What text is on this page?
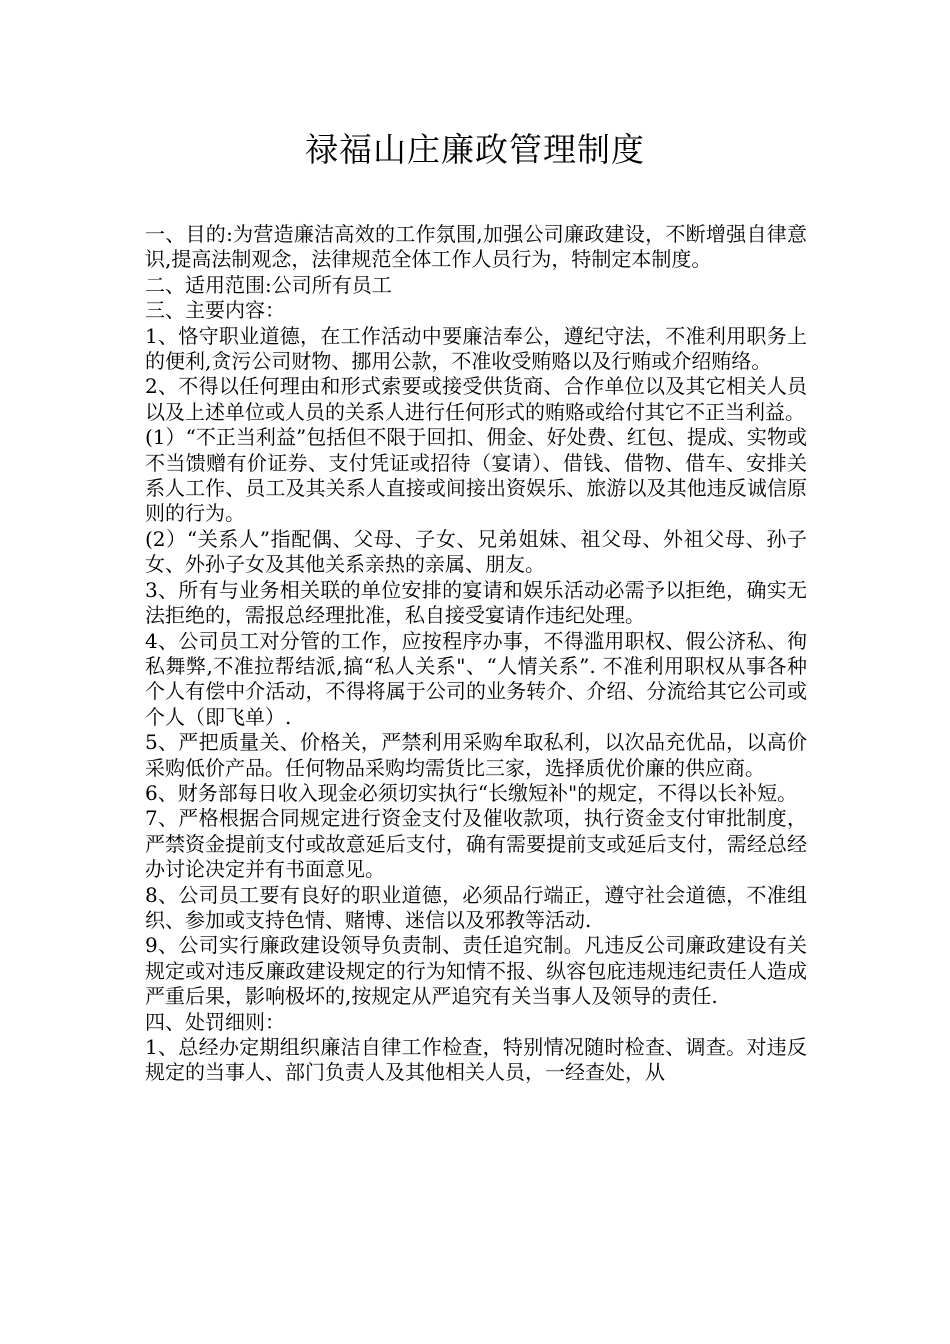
禄福山庄廉政管理制度

一、目的:为营造廉洁高效的工作氛围,加强公司廉政建设，不断增强自律意识,提高法制观念，法律规范全体工作人员行为，特制定本制度。

二、适用范围:公司所有员工

三、主要内容：

1、恪守职业道德，在工作活动中要廉洁奉公，遵纪守法，不准利用职务上的便利,贪污公司财物、挪用公款，不准收受贿赂以及行贿或介绍贿络。

2、不得以任何理由和形式索要或接受供货商、合作单位以及其它相关人员以及上述单位或人员的关系人进行任何形式的贿赂或给付其它不正当利益。

(1）“不正当利益”包括但不限于回扣、佣金、好处费、红包、提成、实物或不当馈赠有价证券、支付凭证或招待（宴请）、借钱、借物、借车、安排关系人工作、员工及其关系人直接或间接出资娱乐、旅游以及其他违反诚信原则的行为。

(2）“关系人”指配偶、父母、子女、兄弟姐妹、祖父母、外祖父母、孙子女、外孙子女及其他关系亲热的亲属、朋友。

3、所有与业务相关联的单位安排的宴请和娱乐活动必需予以拒绝，确实无法拒绝的，需报总经理批准，私自接受宴请作违纪处理。

4、公司员工对分管的工作，应按程序办事，不得滥用职权、假公济私、徇私舞弊,不准拉帮结派,搞“私人关系"、“人情关系”. 不准利用职权从事各种个人有偿中介活动，不得将属于公司的业务转介、介绍、分流给其它公司或个人（即飞单）.

5、严把质量关、价格关，严禁利用采购牟取私利，以次品充优品，以高价采购低价产品。任何物品采购均需货比三家，选择质优价廉的供应商。

6、财务部每日收入现金必须切实执行“长缴短补"的规定，不得以长补短。

7、严格根据合同规定进行资金支付及催收款项，执行资金支付审批制度，严禁资金提前支付或故意延后支付，确有需要提前支或延后支付，需经总经办讨论决定并有书面意见。

8、公司员工要有良好的职业道德，必须品行端正，遵守社会道德，不准组织、参加或支持色情、赌博、迷信以及邪教等活动.

9、公司实行廉政建设领导负责制、责任追究制。凡违反公司廉政建设有关规定或对违反廉政建设规定的行为知情不报、纵容包庇违规违纪责任人造成严重后果，影响极坏的,按规定从严追究有关当事人及领导的责任.

四、处罚细则：

1、总经办定期组织廉洁自律工作检查，特别情况随时检查、调查。对违反规定的当事人、部门负责人及其他相关人员，一经查处，从
